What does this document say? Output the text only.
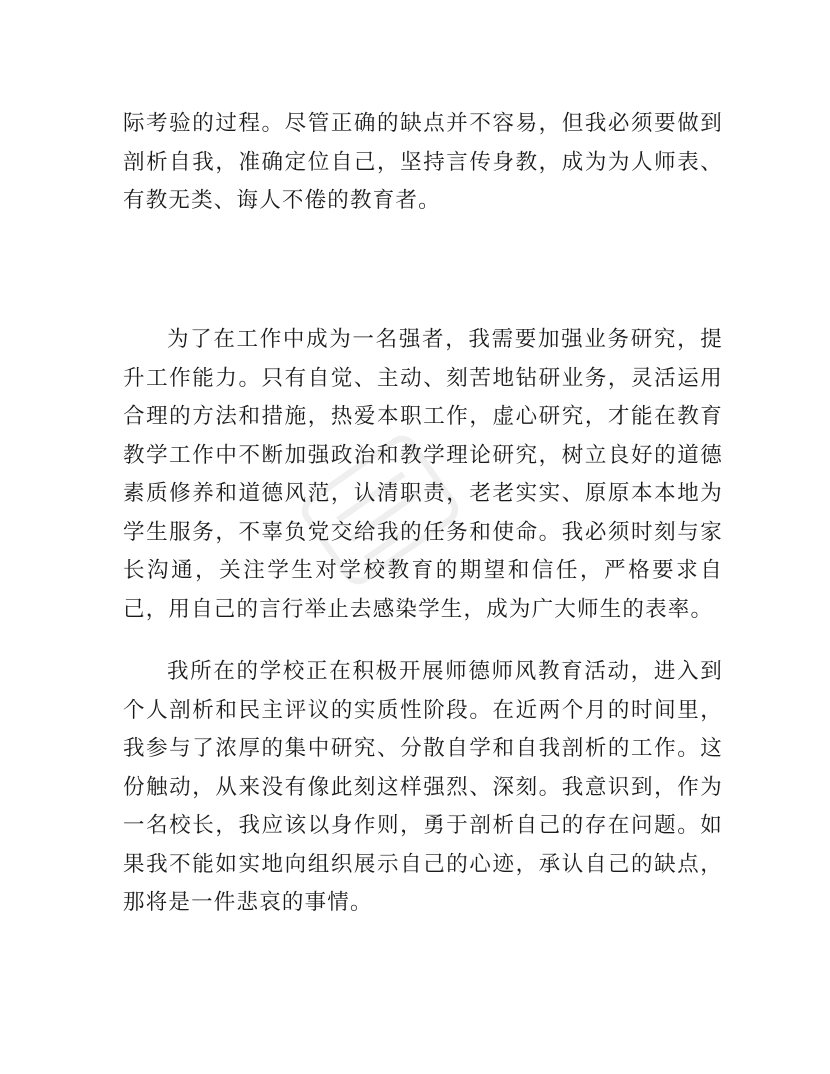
际考验的过程。尽管正确的缺点并不容易，但我必须要做到剖析自我，准确定位自己，坚持言传身教，成为为人师表、有教无类、诲人不倦的教育者。

为了在工作中成为一名强者，我需要加强业务研究，提升工作能力。只有自觉、主动、刻苦地钻研业务，灵活运用合理的方法和措施，热爱本职工作，虚心研究，才能在教育教学工作中不断加强政治和教学理论研究，树立良好的道德素质修养和道德风范，认清职责，老老实实、原原本本地为学生服务，不辜负党交给我的任务和使命。我必须时刻与家长沟通，关注学生对学校教育的期望和信任，严格要求自己，用自己的言行举止去感染学生，成为广大师生的表率。

我所在的学校正在积极开展师德师风教育活动，进入到个人剖析和民主评议的实质性阶段。在近两个月的时间里，我参与了浓厚的集中研究、分散自学和自我剖析的工作。这份触动，从来没有像此刻这样强烈、深刻。我意识到，作为一名校长，我应该以身作则，勇于剖析自己的存在问题。如果我不能如实地向组织展示自己的心迹，承认自己的缺点，那将是一件悲哀的事情。
